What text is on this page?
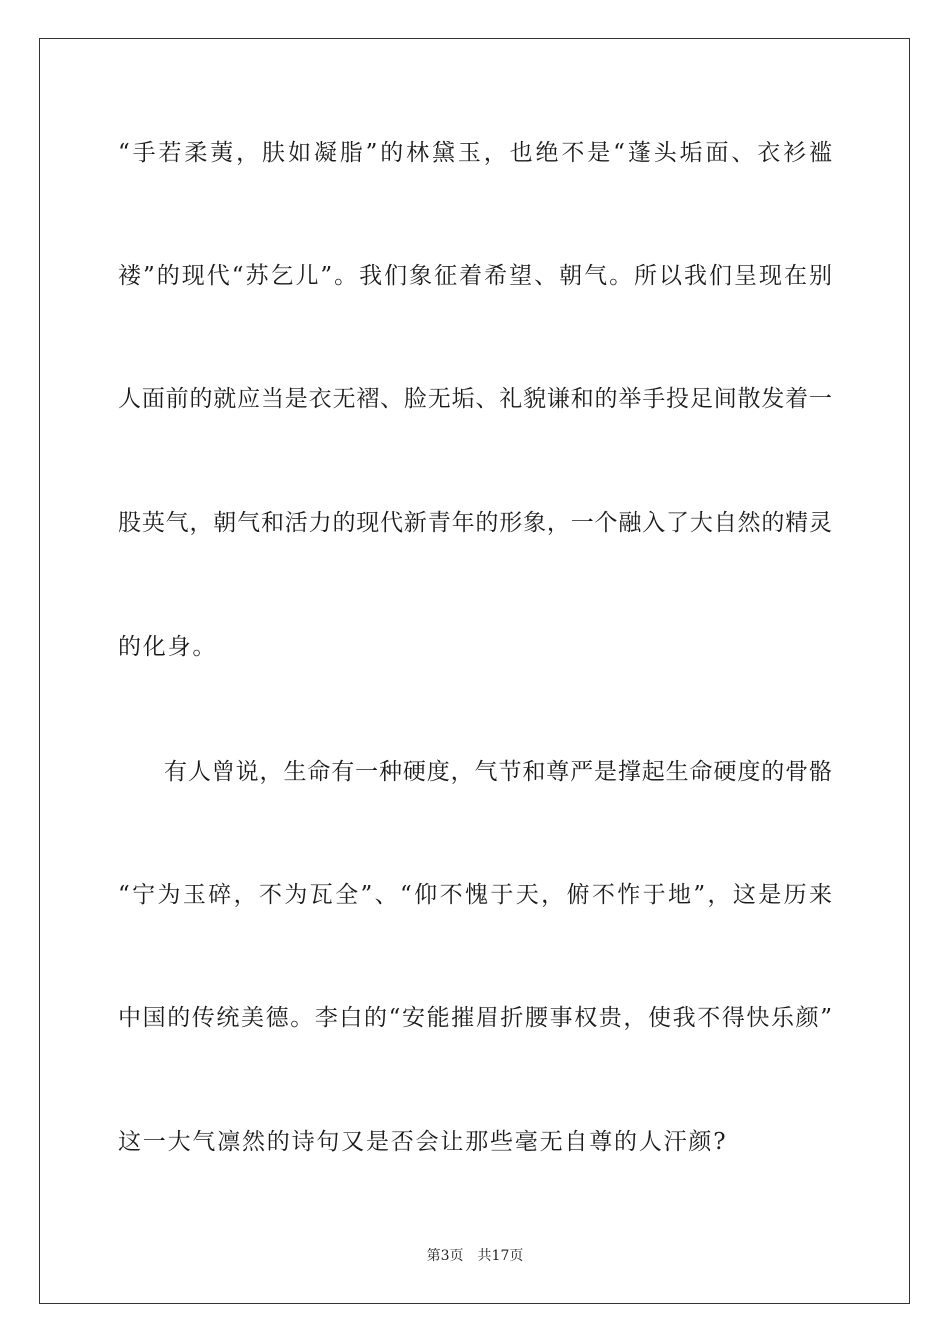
“手若柔荑，肤如凝脂”的林黛玉，也绝不是“蓬头垢面、衣衫褴
褛”的现代“苏乞儿”。我们象征着希望、朝气。所以我们呈现在别
人面前的就应当是衣无褶、脸无垢、礼貌谦和的举手投足间散发着一
股英气，朝气和活力的现代新青年的形象，一个融入了大自然的精灵
的化身。
有人曾说，生命有一种硬度，气节和尊严是撑起生命硬度的骨骼
“宁为玉碎，不为瓦全”、“仰不愧于天，俯不怍于地”，这是历来
中国的传统美德。李白的“安能摧眉折腰事权贵，使我不得快乐颜”
这一大气凛然的诗句又是否会让那些毫无自尊的人汗颜?
第3页 共17页
